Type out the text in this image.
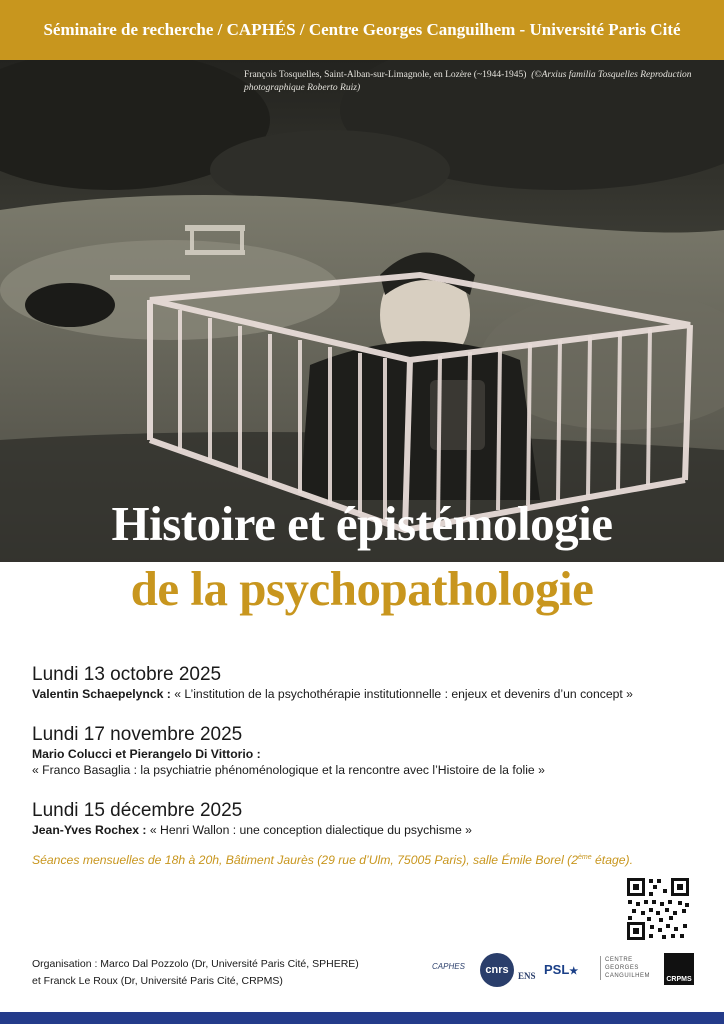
Séminaire de recherche / CAPHÉS / Centre Georges Canguilhem - Université Paris Cité
François Tosquelles, Saint-Alban-sur-Limagnole, en Lozère (~1944-1945) (©Arxius familia Tosquelles Reproduction photographique Roberto Ruiz)
Histoire et épistémologie
de la psychopathologie
Lundi 13 octobre 2025
Valentin Schaepelynck : « L’institution de la psychothérapie institutionnelle : enjeux et devenirs d’un concept »
Lundi 17 novembre 2025
Mario Colucci et Pierangelo Di Vittorio :
« Franco Basaglia : la psychiatrie phénoménologique et la rencontre avec l’Histoire de la folie »
Lundi 15 décembre 2025
Jean-Yves Rochex : « Henri Wallon : une conception dialectique du psychisme »
Séances mensuelles de 18h à 20h, Bâtiment Jaurès (29 rue d’Ulm, 75005 Paris), salle Émile Borel (2ème étage).
Organisation : Marco Dal Pozzolo (Dr, Université Paris Cité, SPHERE)
et Franck Le Roux (Dr, Université Paris Cité, CRPMS)
CAPHES cnrs ENS PSL★
CENTRE GEORGES CANGUILHEM	CRPMS
